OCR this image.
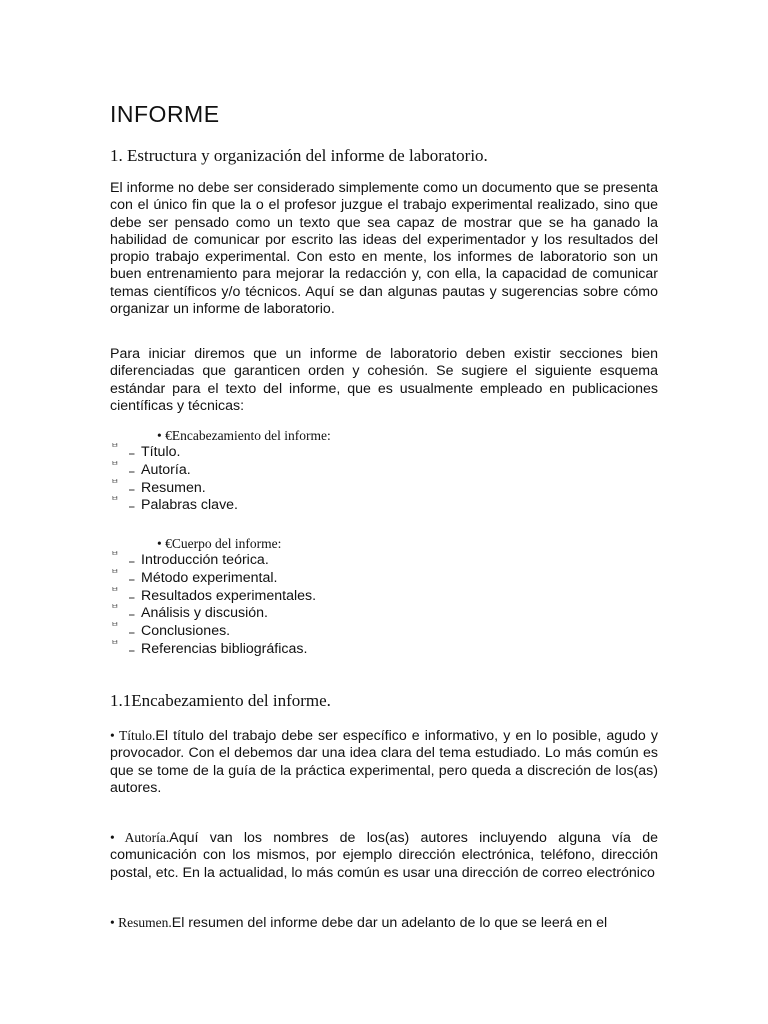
INFORME
1. Estructura y organización del informe de laboratorio.

El informe no debe ser considerado simplemente como un documento que se presenta con el único fin que la o el profesor juzgue el trabajo experimental realizado, sino que debe ser pensado como un texto que sea capaz de mostrar que se ha ganado la habilidad de comunicar por escrito las ideas del experimentador y los resultados del propio trabajo experimental. Con esto en mente, los informes de laboratorio son un buen entrenamiento para mejorar la redacción y, con ella, la capacidad de comunicar temas científicos y/o técnicos. Aquí se dan algunas pautas y sugerencias sobre cómo organizar un informe de laboratorio.

Para iniciar diremos que un informe de laboratorio deben existir secciones bien diferenciadas que garanticen orden y cohesión. Se sugiere el siguiente esquema estándar para el texto del informe, que es usualmente empleado en publicaciones científicas y técnicas:

• €Encabezamiento del informe:
ᄇ ⎯ Título.
ᄇ ⎯ Autoría.
ᄇ ⎯ Resumen.
ᄇ ⎯ Palabras clave.
• €Cuerpo del informe:
ᄇ ⎯ Introducción teórica.
ᄇ ⎯ Método experimental.
ᄇ ⎯ Resultados experimentales.
ᄇ ⎯ Análisis y discusión.
ᄇ ⎯ Conclusiones.
ᄇ ⎯ Referencias bibliográficas.
1.1Encabezamiento del informe.

• Título.El título del trabajo debe ser específico e informativo, y en lo posible, agudo y provocador. Con el debemos dar una idea clara del tema estudiado. Lo más común es que se tome de la guía de la práctica experimental, pero queda a discreción de los(as) autores.

• Autoría.Aquí van los nombres de los(as) autores incluyendo alguna vía de comunicación con los mismos, por ejemplo dirección electrónica, teléfono, dirección postal, etc. En la actualidad, lo más común es usar una dirección de correo electrónico

• Resumen.El resumen del informe debe dar un adelanto de lo que se leerá en el
